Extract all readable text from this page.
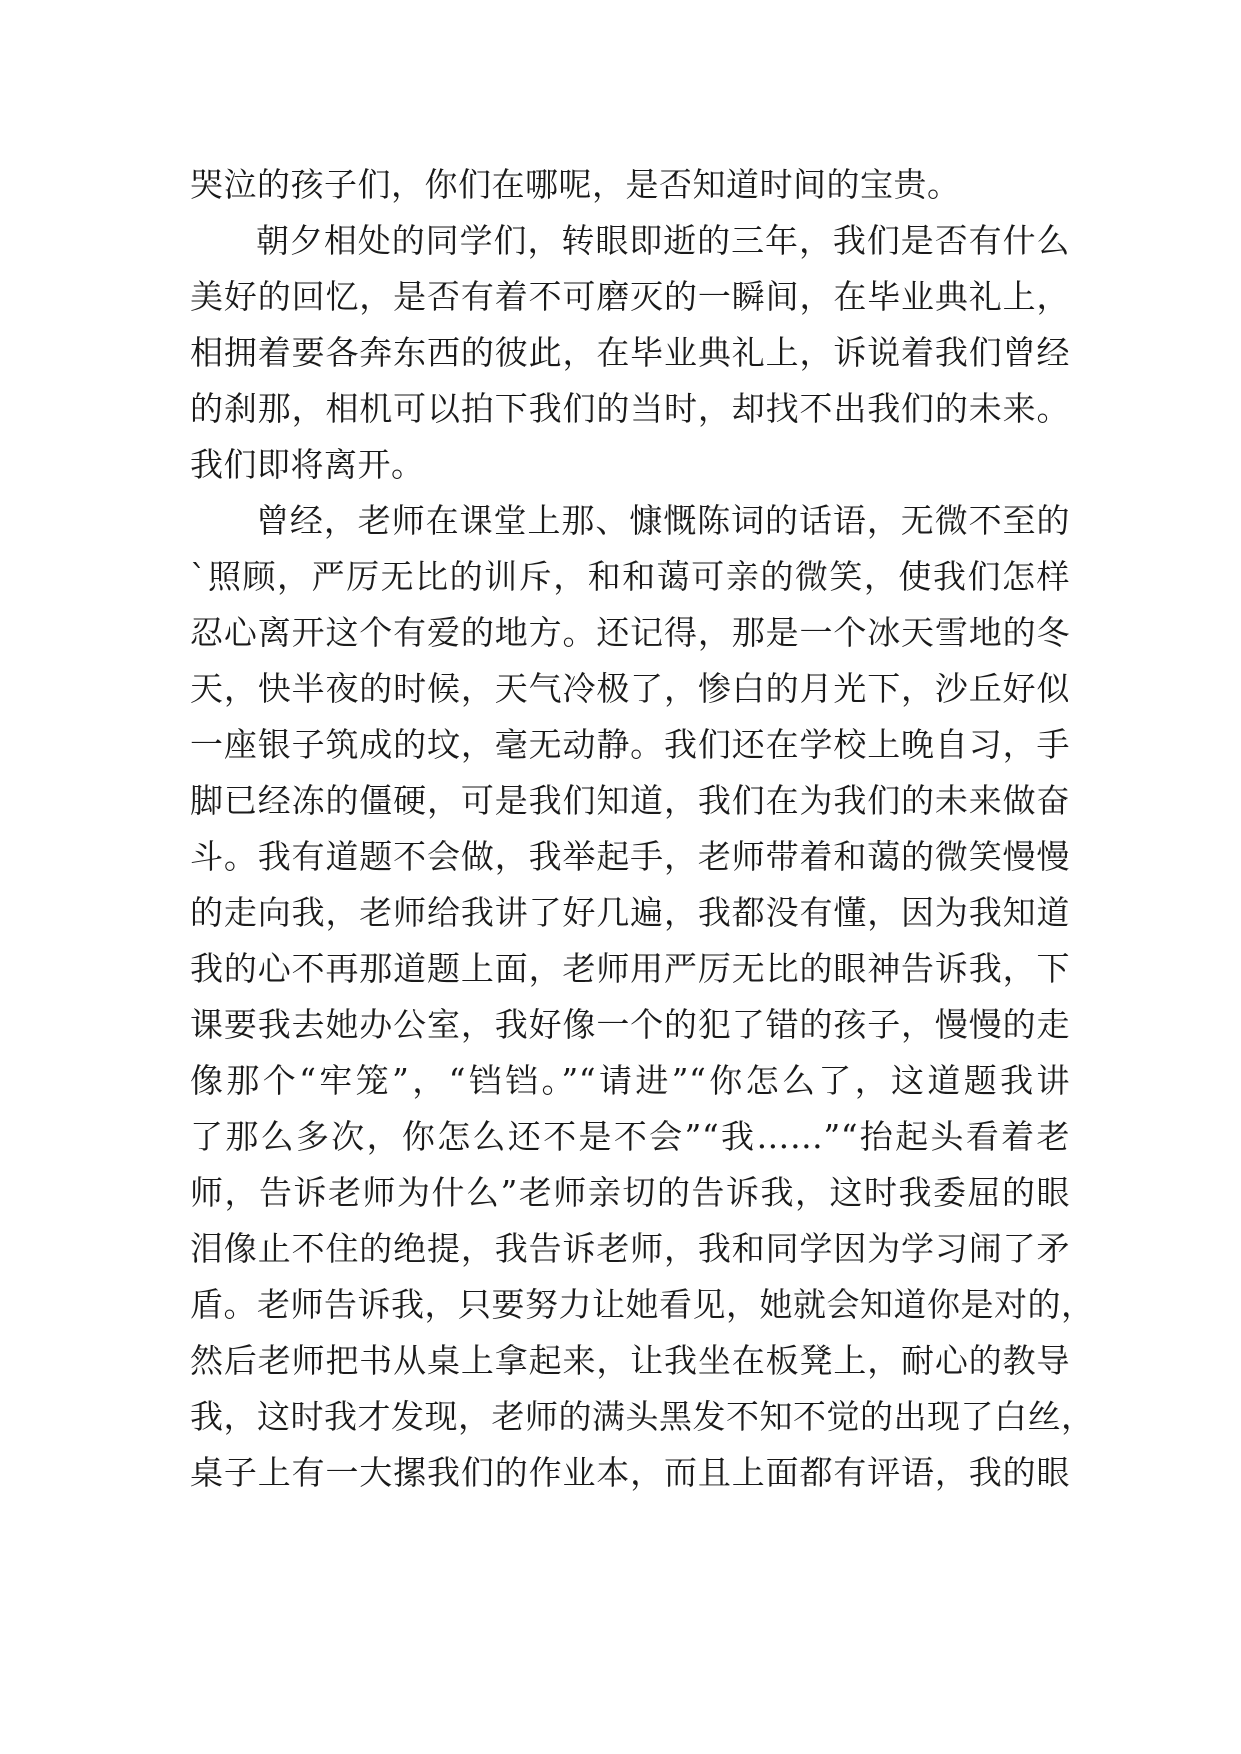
哭泣的孩子们，你们在哪呢，是否知道时间的宝贵。
朝夕相处的同学们，转眼即逝的三年，我们是否有什么
美好的回忆，是否有着不可磨灭的一瞬间，在毕业典礼上，
相拥着要各奔东西的彼此，在毕业典礼上，诉说着我们曾经
的刹那，相机可以拍下我们的当时，却找不出我们的未来。
我们即将离开。
曾经，老师在课堂上那、慷慨陈词的话语，无微不至的
`照顾，严厉无比的训斥，和和蔼可亲的微笑，使我们怎样
忍心离开这个有爱的地方。还记得，那是一个冰天雪地的冬
天，快半夜的时候，天气冷极了，惨白的月光下，沙丘好似
一座银子筑成的坟，毫无动静。我们还在学校上晚自习，手
脚已经冻的僵硬，可是我们知道，我们在为我们的未来做奋
斗。我有道题不会做，我举起手，老师带着和蔼的微笑慢慢
的走向我，老师给我讲了好几遍，我都没有懂，因为我知道
我的心不再那道题上面，老师用严厉无比的眼神告诉我，下
课要我去她办公室，我好像一个的犯了错的孩子，慢慢的走
像那个“牢笼”，“铛铛。”“请进”“你怎么了，这道题我讲
了那么多次，你怎么还不是不会”“我……”“抬起头看着老
师，告诉老师为什么”老师亲切的告诉我，这时我委屈的眼
泪像止不住的绝提，我告诉老师，我和同学因为学习闹了矛
盾。老师告诉我，只要努力让她看见，她就会知道你是对的，
然后老师把书从桌上拿起来，让我坐在板凳上，耐心的教导
我，这时我才发现，老师的满头黑发不知不觉的出现了白丝，
桌子上有一大摞我们的作业本，而且上面都有评语，我的眼
